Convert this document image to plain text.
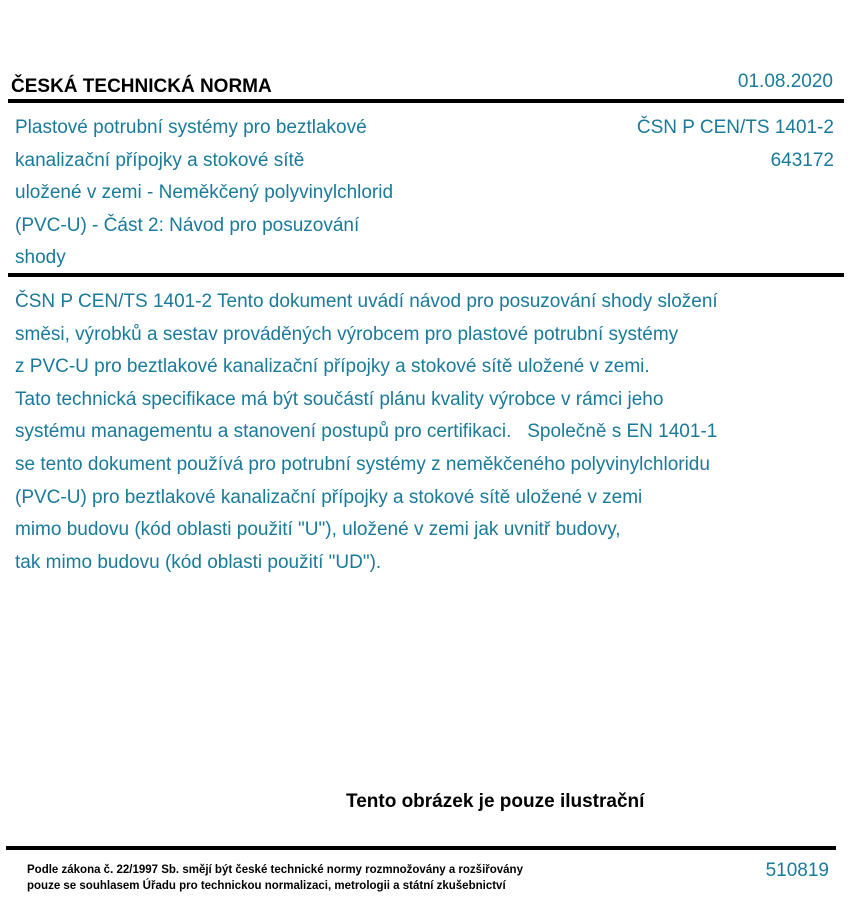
ČESKÁ TECHNICKÁ NORMA	01.08.2020
Plastové potrubní systémy pro beztlakové
kanalizační přípojky a stokové sítě
uložené v zemi - Neměkčený polyvinylchlorid
(PVC-U) - Část 2: Návod pro posuzování
shody
ČSN P CEN/TS 1401-2
643172
ČSN P CEN/TS 1401-2 Tento dokument uvádí návod pro posuzování shody složení
směsi, výrobků a sestav prováděných výrobcem pro plastové potrubní systémy
z PVC-U pro beztlakové kanalizační přípojky a stokové sítě uložené v zemi.
Tato technická specifikace má být součástí plánu kvality výrobce v rámci jeho
systému managementu a stanovení postupů pro certifikaci.   Společně s EN 1401-1
se tento dokument používá pro potrubní systémy z neměkčeného polyvinylchloridu
(PVC-U) pro beztlakové kanalizační přípojky a stokové sítě uložené v zemi
mimo budovu (kód oblasti použití "U"), uložené v zemi jak uvnitř budovy,
tak mimo budovu (kód oblasti použití "UD").
Tento obrázek je pouze ilustrační
Podle zákona č. 22/1997 Sb. smějí být české technické normy rozmnožovány a rozšiřovány
pouze se souhlasem Úřadu pro technickou normalizaci, metrologii a státní zkušebnictví
510819
